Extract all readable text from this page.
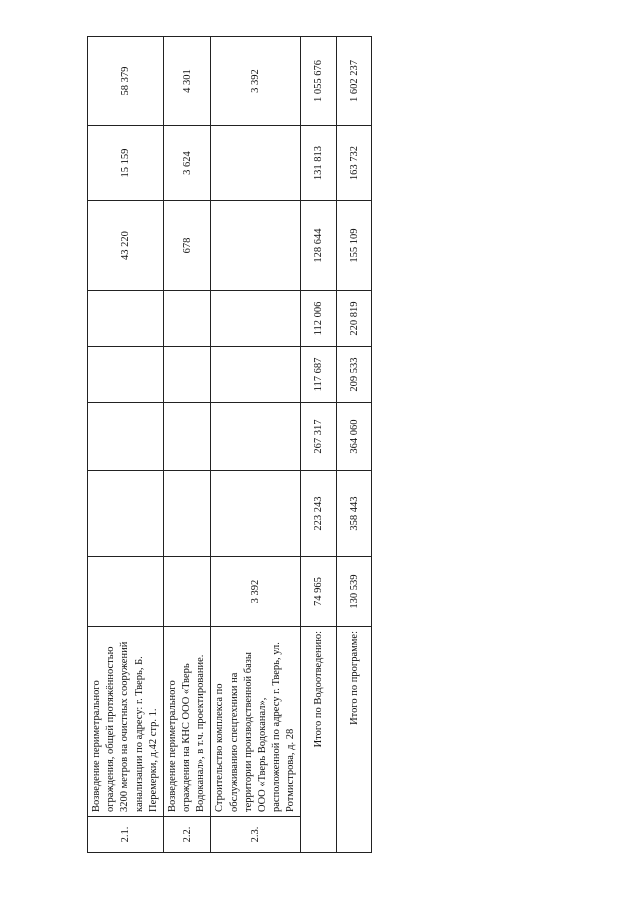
2.1.	Возведение периметрального ограждения, общей протяжённостью 3200 метров на очистных сооружений канализации по адресу: г. Тверь, Б. Перемерки, д.42 стр. 1.						43 220	15 159	58 379
2.2.	Возведение периметрального ограждения на КНС ООО «Тверь Водоканал», в т.ч. проектирование.						678	3 624	4 301
2.3.	Строительство комплекса по обслуживанию спецтехники на территории производственной базы ООО «Тверь Водоканал», расположенной по адресу г. Тверь, ул. Ротмистрова, д. 28	3 392							3 392
Итого по Водоотведению:		74 965	223 243	267 317	117 687	112 006	128 644	131 813	1 055 676
Итого по программе:		130 539	358 443	364 060	209 533	220 819	155 109	163 732	1 602 237
